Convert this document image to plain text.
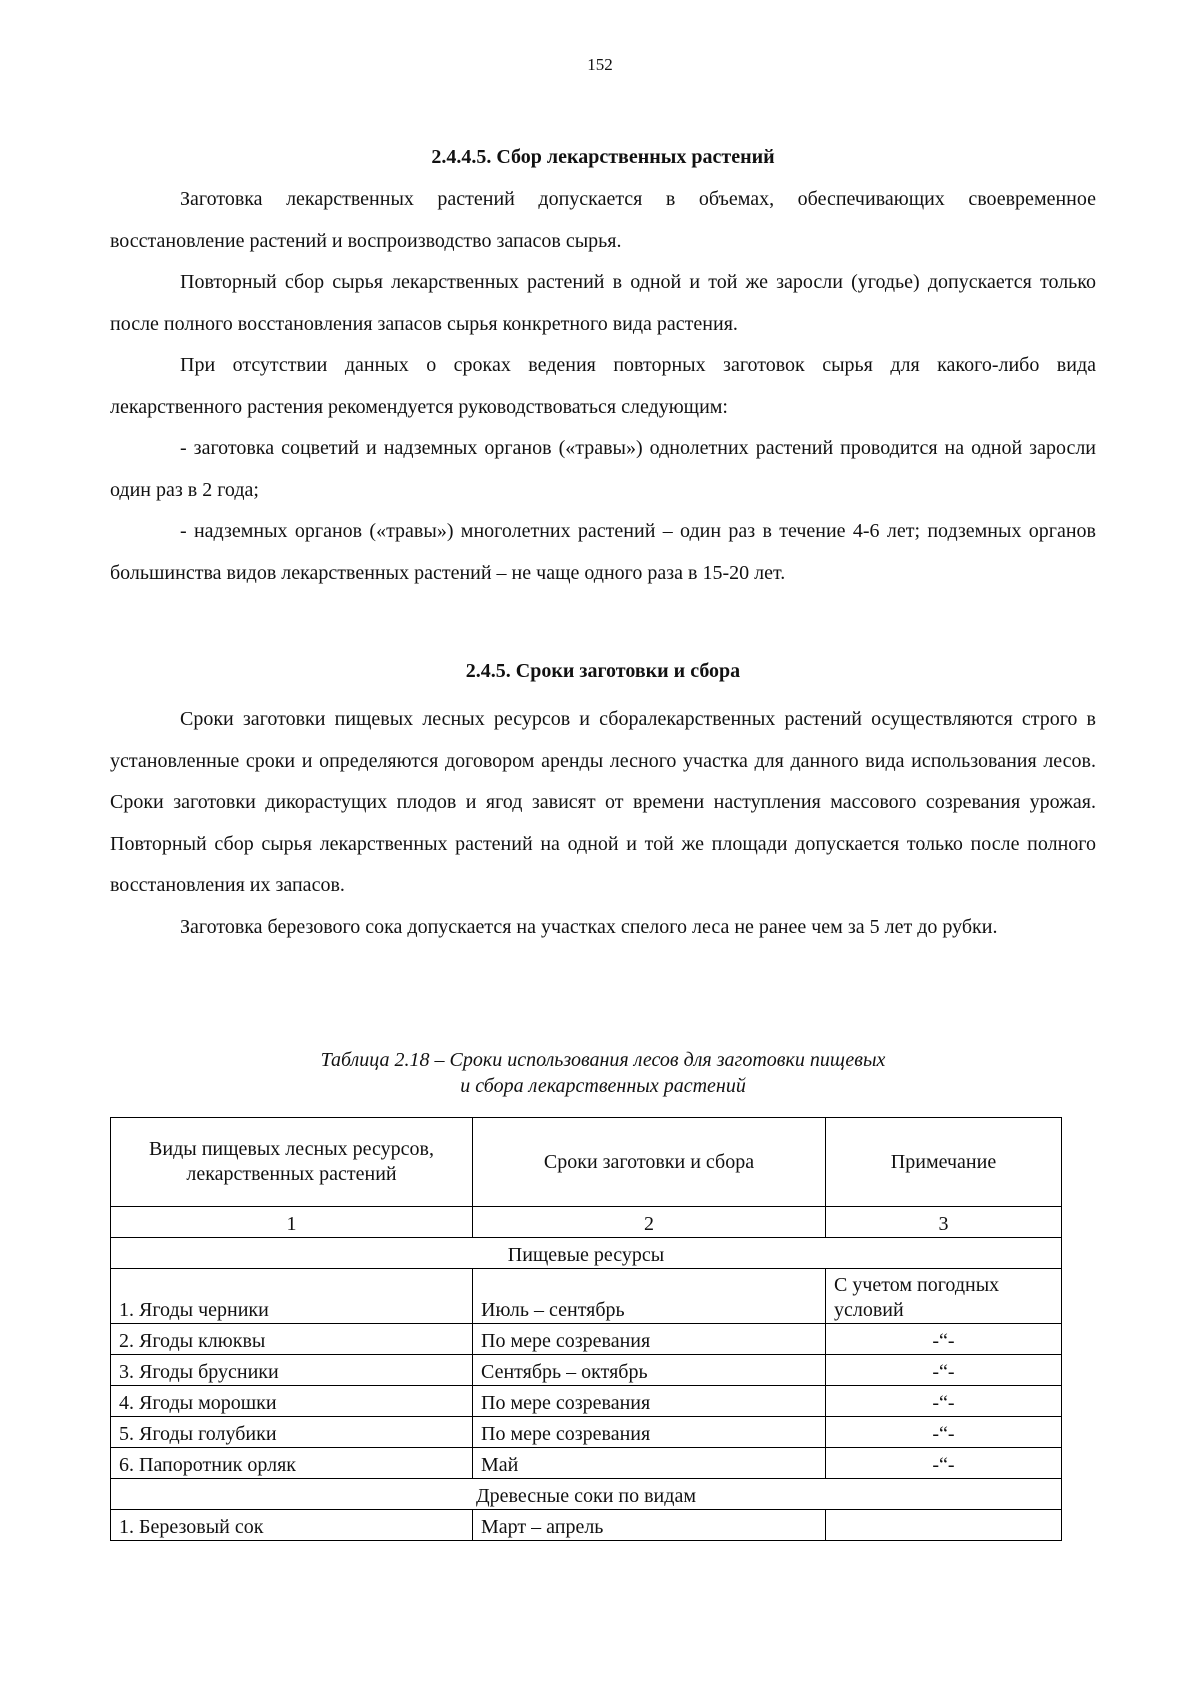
152
2.4.4.5. Сбор лекарственных растений

Заготовка лекарственных растений допускается в объемах, обеспечивающих своевременное восстановление растений и воспроизводство запасов сырья.

Повторный сбор сырья лекарственных растений в одной и той же заросли (угодье) допускается только после полного восстановления запасов сырья конкретного вида растения.

При отсутствии данных о сроках ведения повторных заготовок сырья для какого-либо вида лекарственного растения рекомендуется руководствоваться следующим:

- заготовка соцветий и надземных органов («травы») однолетних растений проводится на одной заросли один раз в 2 года;

- надземных органов («травы») многолетних растений – один раз в течение 4-6 лет; подземных органов большинства видов лекарственных растений – не чаще одного раза в 15-20 лет.

2.4.5. Сроки заготовки и сбора

Сроки заготовки пищевых лесных ресурсов и сборалекарственных растений осуществляются строго в установленные сроки и определяются договором аренды лесного участка для данного вида использования лесов. Сроки заготовки дикорастущих плодов и ягод зависят от времени наступления массового созревания урожая. Повторный сбор сырья лекарственных растений на одной и той же площади допускается только после полного восстановления их запасов.

Заготовка березового сока допускается на участках спелого леса не ранее чем за 5 лет до рубки.

Таблица 2.18 – Сроки использования лесов для заготовки пищевых
и сбора лекарственных растений
Виды пищевых лесных ресурсов, лекарственных растений	Сроки заготовки и сбора	Примечание
1	2	3
Пищевые ресурсы		
1. Ягоды черники	Июль – сентябрь	С учетом погодных условий
2. Ягоды клюквы	По мере созревания	-“-
3. Ягоды брусники	Сентябрь – октябрь	-“-
4. Ягоды морошки	По мере созревания	-“-
5. Ягоды голубики	По мере созревания	-“-
6. Папоротник орляк	Май	-“-
Древесные соки по видам		
1. Березовый сок	Март – апрель	
